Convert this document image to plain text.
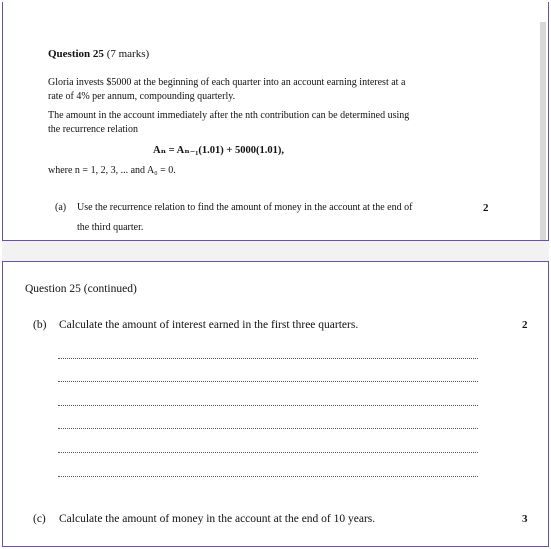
Question 25 (7 marks)
Gloria invests $5000 at the beginning of each quarter into an account earning interest at a
rate of 4% per annum, compounding quarterly.
The amount in the account immediately after the nth contribution can be determined using
the recurrence relation
Aₙ = Aₙ₋₁(1.01) + 5000(1.01),
where n = 1, 2, 3, ... and A₀ = 0.
(a) Use the recurrence relation to find the amount of money in the account at the end of
the third quarter.
2
Question 25 (continued)
(b) Calculate the amount of interest earned in the first three quarters.	2
(c) Calculate the amount of money in the account at the end of 10 years.	3
